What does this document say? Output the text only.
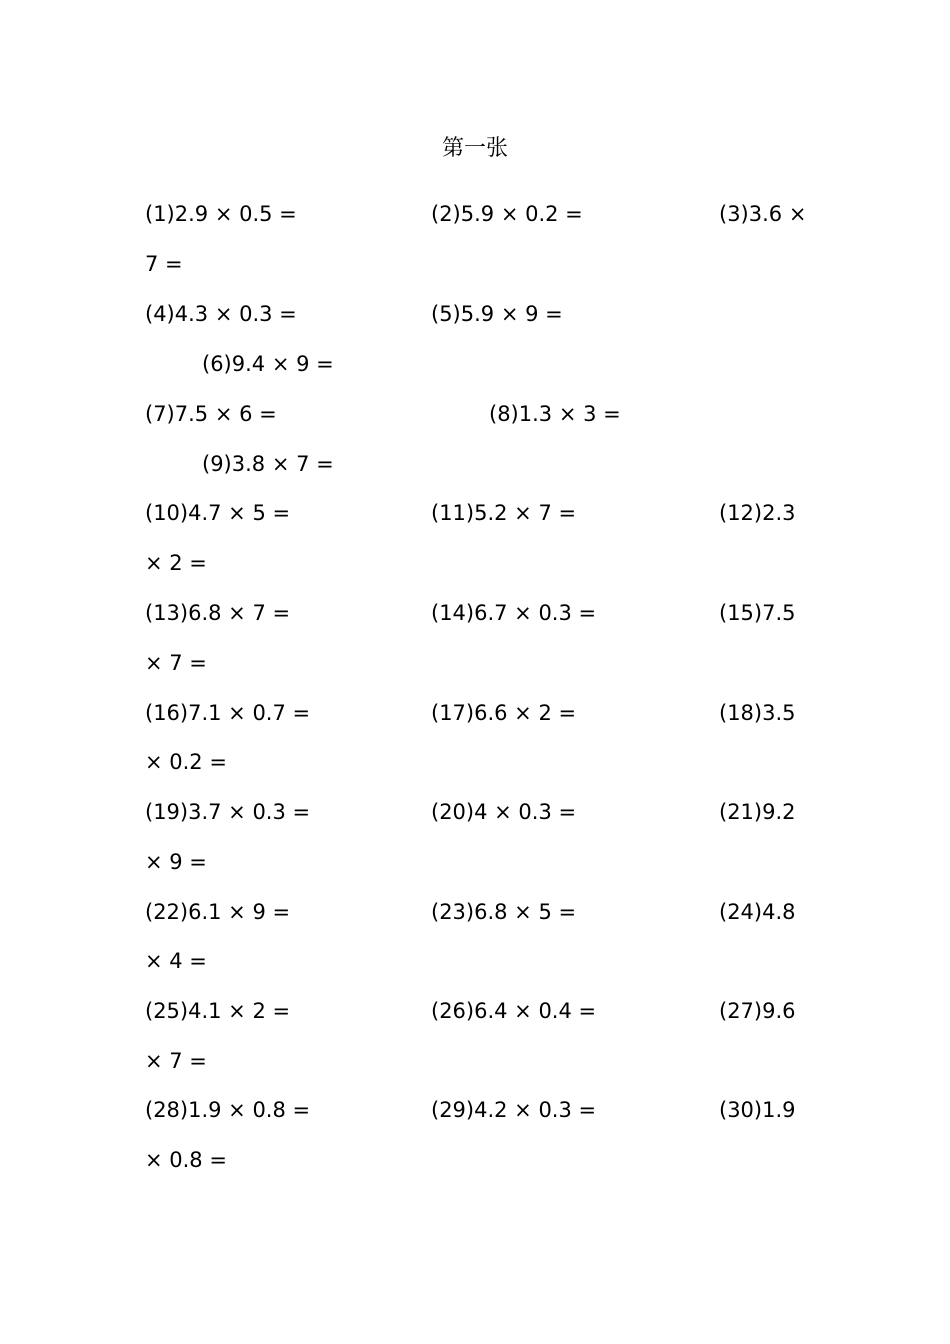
第一张
(1)2.9 × 0.5 =	(2)5.9 × 0.2 =	(3)3.6 ×
7 =
(4)4.3 × 0.3 =	(5)5.9 × 9 =
(6)9.4 × 9 =
(7)7.5 × 6 =	(8)1.3 × 3 =
(9)3.8 × 7 =
(10)4.7 × 5 =	(11)5.2 × 7 =	(12)2.3
× 2 =
(13)6.8 × 7 =	(14)6.7 × 0.3 =	(15)7.5
× 7 =
(16)7.1 × 0.7 =	(17)6.6 × 2 =	(18)3.5
× 0.2 =
(19)3.7 × 0.3 =	(20)4 × 0.3 =	(21)9.2
× 9 =
(22)6.1 × 9 =	(23)6.8 × 5 =	(24)4.8
× 4 =
(25)4.1 × 2 =	(26)6.4 × 0.4 =	(27)9.6
× 7 =
(28)1.9 × 0.8 =	(29)4.2 × 0.3 =	(30)1.9
× 0.8 =
